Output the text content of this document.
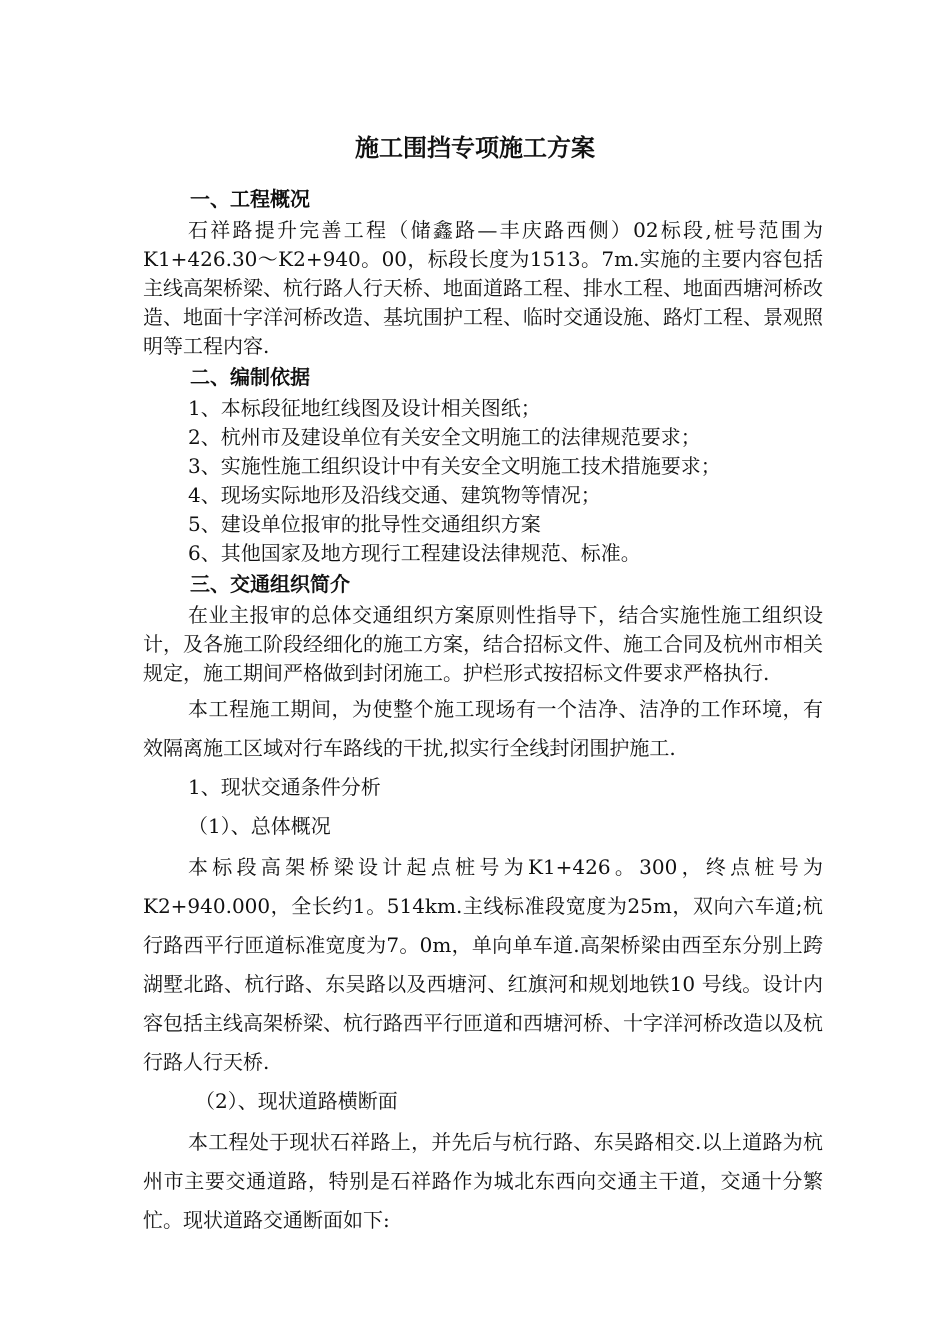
施工围挡专项施工方案
一、工程概况

石祥路提升完善工程（储鑫路—丰庆路西侧）02标段,桩号范围为K1+426.30～K2+940。00，标段长度为1513。7m.实施的主要内容包括主线高架桥梁、杭行路人行天桥、地面道路工程、排水工程、地面西塘河桥改造、地面十字洋河桥改造、基坑围护工程、临时交通设施、路灯工程、景观照明等工程内容.

二、编制依据
1、本标段征地红线图及设计相关图纸；
2、杭州市及建设单位有关安全文明施工的法律规范要求；
3、实施性施工组织设计中有关安全文明施工技术措施要求；
4、现场实际地形及沿线交通、建筑物等情况；
5、建设单位报审的批导性交通组织方案
6、其他国家及地方现行工程建设法律规范、标准。
三、交通组织简介

在业主报审的总体交通组织方案原则性指导下，结合实施性施工组织设计，及各施工阶段经细化的施工方案，结合招标文件、施工合同及杭州市相关规定，施工期间严格做到封闭施工。护栏形式按招标文件要求严格执行.

本工程施工期间，为使整个施工现场有一个洁净、洁净的工作环境，有效隔离施工区域对行车路线的干扰,拟实行全线封闭围护施工.

1、现状交通条件分析

（1）、总体概况

本标段高架桥梁设计起点桩号为K1+426。300，终点桩号为K2+940.000，全长约1。514km.主线标准段宽度为25m，双向六车道;杭行路西平行匝道标准宽度为7。0m，单向单车道.高架桥梁由西至东分别上跨湖墅北路、杭行路、东吴路以及西塘河、红旗河和规划地铁10 号线。设计内容包括主线高架桥梁、杭行路西平行匝道和西塘河桥、十字洋河桥改造以及杭行路人行天桥.

（2）、现状道路横断面

本工程处于现状石祥路上，并先后与杭行路、东吴路相交.以上道路为杭州市主要交通道路，特别是石祥路作为城北东西向交通主干道，交通十分繁忙。现状道路交通断面如下:
